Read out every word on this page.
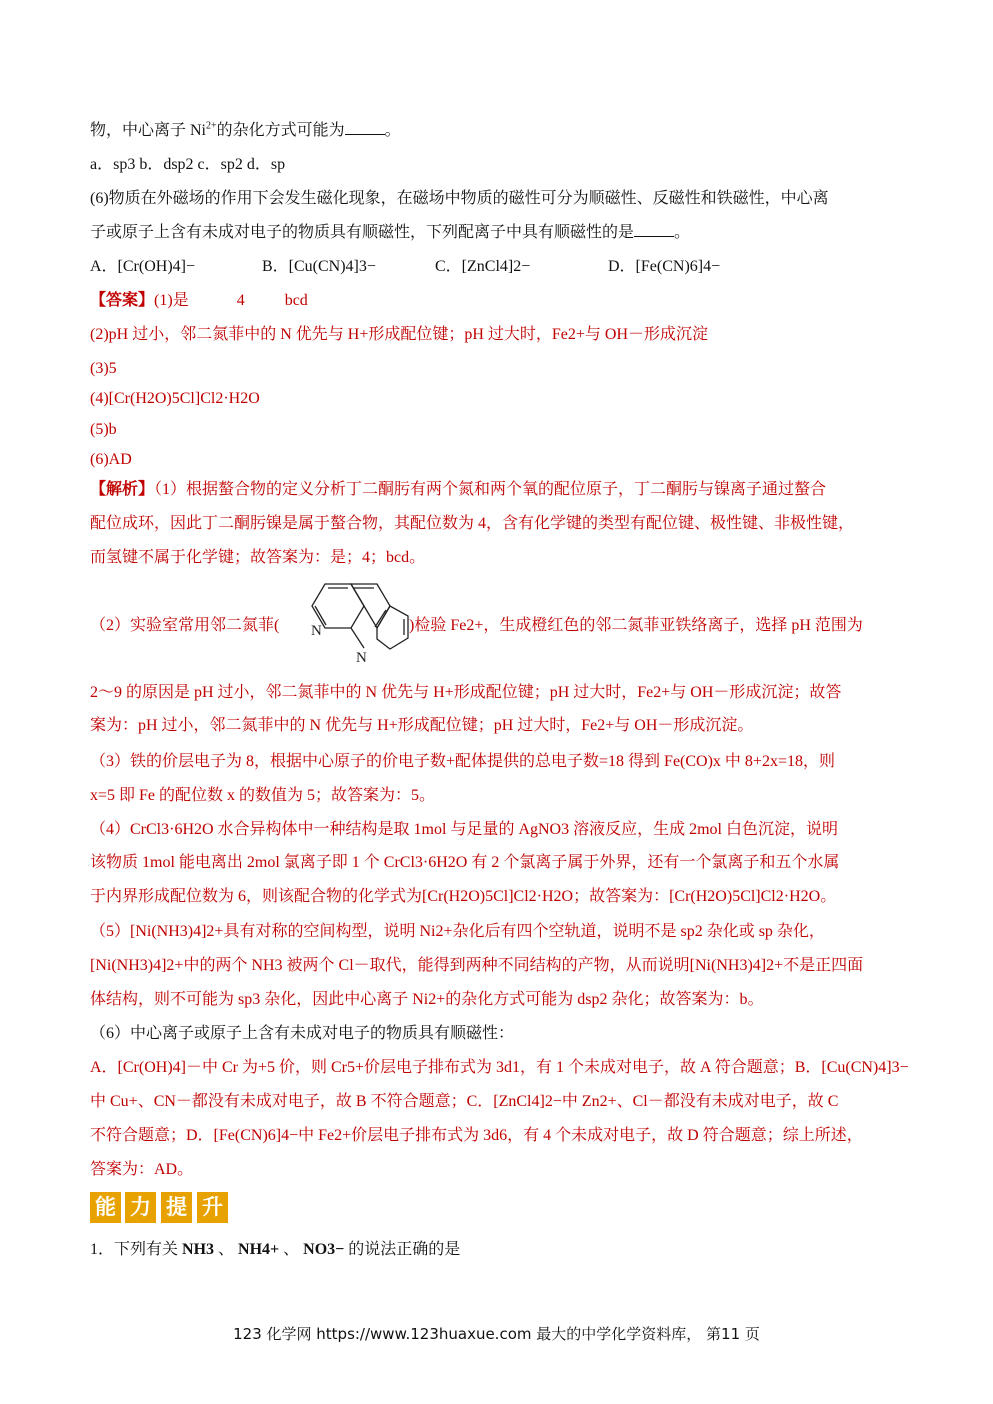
物，中心离子 $Ni^{2+}$的杂化方式可能为	。
a．sp3 b．dsp2 c．sp2 d．sp
(6)物质在外磁场的作用下会发生磁化现象，在磁场中物质的磁性可分为顺磁性、反磁性和铁磁性，中心离
子或原子上含有未成对电子的物质具有顺磁性，下列配离子中具有顺磁性的是	。
A．[Cr(OH)4]−	B．[Cu(CN)4]3−	C．[ZnCl4]2−	D．[Fe(CN)6]4−
【答案】(1)是	4	bcd
(2)pH 过小，邻二氮菲中的 N 优先与 H+形成配位键；pH 过大时，Fe2+与 OH－形成沉淀
(3)5
(4)[Cr(H2O)5Cl]Cl2·H2O
(5)b
(6)AD
【解析】（1）根据螯合物的定义分析丁二酮肟有两个氮和两个氧的配位原子，丁二酮肟与镍离子通过螯合
配位成环，因此丁二酮肟镍是属于螯合物，其配位数为 4，含有化学键的类型有配位键、极性键、非极性键，
而氢键不属于化学键；故答案为：是；4；bcd。
（2）实验室常用邻二氮菲( N
N
)检验 Fe2+，生成橙红色的邻二氮菲亚铁络离子，选择 pH 范围为
2～9 的原因是 pH 过小，邻二氮菲中的 N 优先与 H+形成配位键；pH 过大时，Fe2+与 OH－形成沉淀；故答
案为：pH 过小，邻二氮菲中的 N 优先与 H+形成配位键；pH 过大时，Fe2+与 OH－形成沉淀。
（3）铁的价层电子为 8，根据中心原子的价电子数+配体提供的总电子数=18 得到 Fe(CO)x 中 8+2x=18，则
x=5 即 Fe 的配位数 x 的数值为 5；故答案为：5。
（4）CrCl3·6H2O 水合异构体中一种结构是取 1mol 与足量的 AgNO3 溶液反应，生成 2mol 白色沉淀，说明
该物质 1mol 能电离出 2mol 氯离子即 1 个 CrCl3·6H2O 有 2 个氯离子属于外界，还有一个氯离子和五个水属
于内界形成配位数为 6，则该配合物的化学式为[Cr(H2O)5Cl]Cl2·H2O；故答案为：[Cr(H2O)5Cl]Cl2·H2O。
（5）[Ni(NH3)4]2+具有对称的空间构型，说明 Ni2+杂化后有四个空轨道，说明不是 sp2 杂化或 sp 杂化，
[Ni(NH3)4]2+中的两个 NH3 被两个 Cl－取代，能得到两种不同结构的产物，从而说明[Ni(NH3)4]2+不是正四面
体结构，则不可能为 sp3 杂化，因此中心离子 Ni2+的杂化方式可能为 dsp2 杂化；故答案为：b。
（6）中心离子或原子上含有未成对电子的物质具有顺磁性：
A．[Cr(OH)4]－中 Cr 为+5 价，则 Cr5+价层电子排布式为 3d1，有 1 个未成对电子，故 A 符合题意；B．[Cu(CN)4]3−
中 Cu+、CN－都没有未成对电子，故 B 不符合题意；C．[ZnCl4]2−中 Zn2+、Cl－都没有未成对电子，故 C
不符合题意；D．[Fe(CN)6]4−中 Fe2+价层电子排布式为 3d6，有 4 个未成对电子，故 D 符合题意；综上所述，
答案为：AD。
能 力 提 升
1．下列有关 NH3 、 NH4+ 、 NO3− 的说法正确的是
123 化学网 https://www.123huaxue.com 最大的中学化学资料库， 第11 页
